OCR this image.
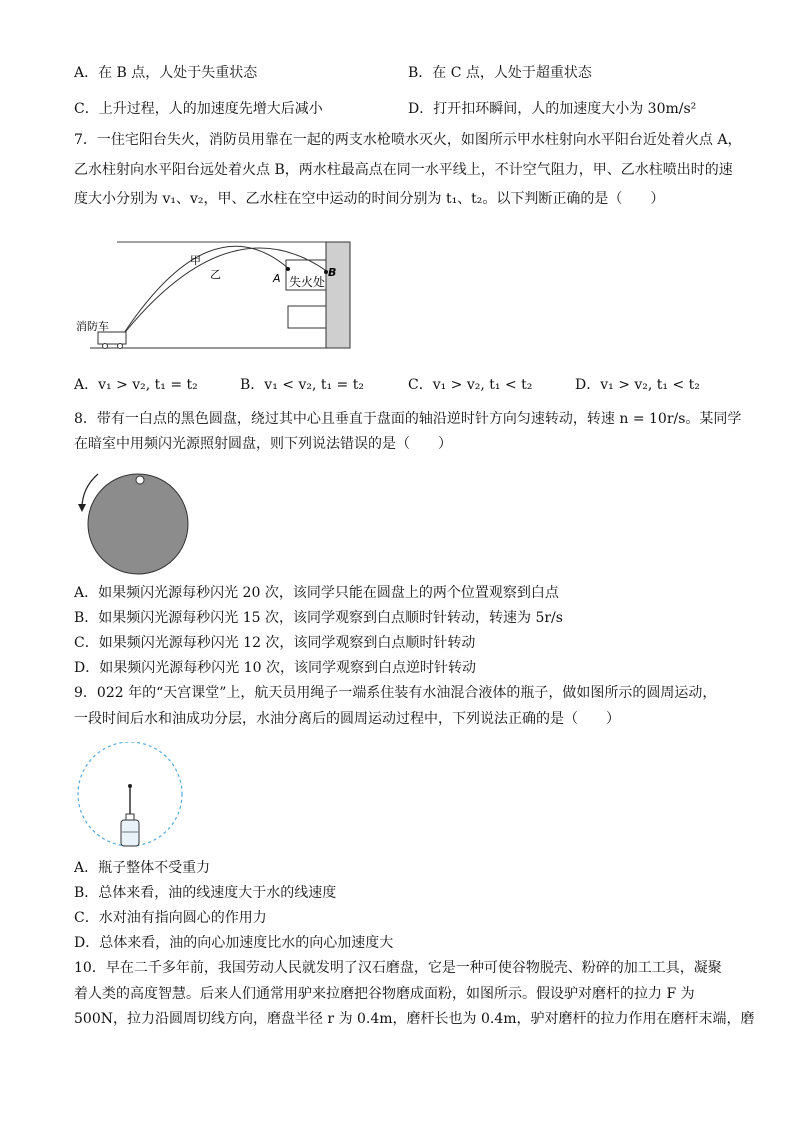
A．在 B 点，人处于失重状态	B．在 C 点，人处于超重状态
C．上升过程，人的加速度先增大后减小	D．打开扣环瞬间，人的加速度大小为 30m/s²
7．一住宅阳台失火，消防员用靠在一起的两支水枪喷水灭火，如图所示甲水柱射向水平阳台近处着火点 A，
乙水柱射向水平阳台远处着火点 B，两水柱最高点在同一水平线上，不计空气阻力，甲、乙水柱喷出时的速
度大小分别为 v₁、v₂，甲、乙水柱在空中运动的时间分别为 t₁、t₂。以下判断正确的是（　　）
甲
乙	A	B
失火处
消防车
A．v₁ > v₂, t₁ = t₂	B．v₁ < v₂, t₁ = t₂	C．v₁ > v₂, t₁ < t₂	D．v₁ > v₂, t₁ < t₂
8．带有一白点的黑色圆盘，绕过其中心且垂直于盘面的轴沿逆时针方向匀速转动，转速 n = 10r/s。某同学
在暗室中用频闪光源照射圆盘，则下列说法错误的是（　　）
A．如果频闪光源每秒闪光 20 次，该同学只能在圆盘上的两个位置观察到白点
B．如果频闪光源每秒闪光 15 次，该同学观察到白点顺时针转动，转速为 5r/s
C．如果频闪光源每秒闪光 12 次，该同学观察到白点顺时针转动
D．如果频闪光源每秒闪光 10 次，该同学观察到白点逆时针转动
9．022 年的“天宫课堂”上，航天员用绳子一端系住装有水油混合液体的瓶子，做如图所示的圆周运动，
一段时间后水和油成功分层，水油分离后的圆周运动过程中，下列说法正确的是（　　）
A．瓶子整体不受重力
B．总体来看，油的线速度大于水的线速度
C．水对油有指向圆心的作用力
D．总体来看，油的向心加速度比水的向心加速度大
10．早在二千多年前，我国劳动人民就发明了汉石磨盘，它是一种可使谷物脱壳、粉碎的加工工具，凝聚
着人类的高度智慧。后来人们通常用驴来拉磨把谷物磨成面粉，如图所示。假设驴对磨杆的拉力 F 为
500N，拉力沿圆周切线方向，磨盘半径 r 为 0.4m，磨杆长也为 0.4m，驴对磨杆的拉力作用在磨杆末端，磨
